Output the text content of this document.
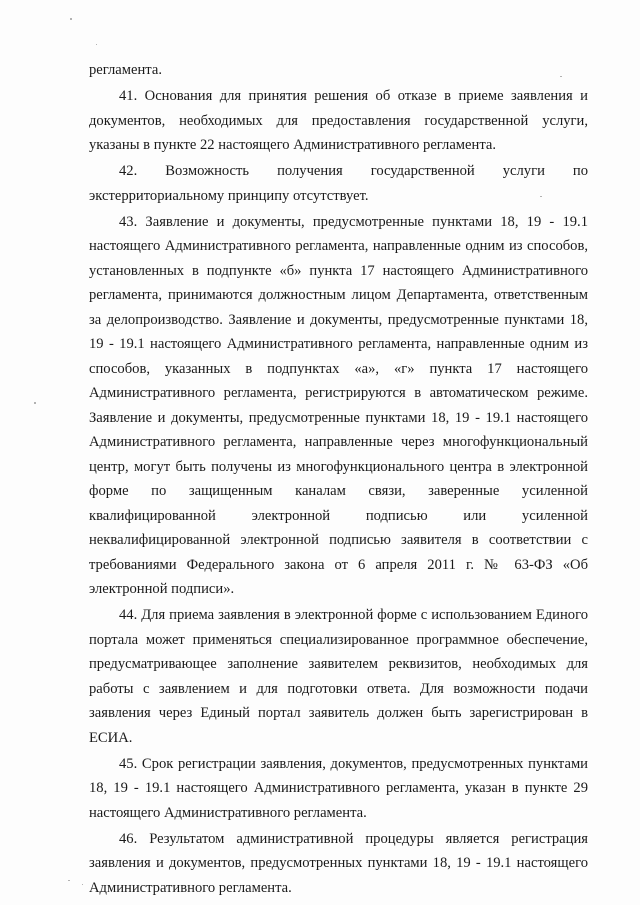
регламента.

41. Основания для принятия решения об отказе в приеме заявления и документов, необходимых для предоставления государственной услуги, указаны в пункте 22 настоящего Административного регламента.

42. Возможность получения государственной услуги по экстерриториальному принципу отсутствует.

43. Заявление и документы, предусмотренные пунктами 18, 19 - 19.1 настоящего Административного регламента, направленные одним из способов, установленных в подпункте «б» пункта 17 настоящего Административного регламента, принимаются должностным лицом Департамента, ответственным за делопроизводство. Заявление и документы, предусмотренные пунктами 18, 19 - 19.1 настоящего Административного регламента, направленные одним из способов, указанных в подпунктах «а», «г» пункта 17 настоящего Административного регламента, регистрируются в автоматическом режиме. Заявление и документы, предусмотренные пунктами 18, 19 - 19.1 настоящего Административного регламента, направленные через многофункциональный центр, могут быть получены из многофункционального центра в электронной форме по защищенным каналам связи, заверенные усиленной квалифицированной электронной подписью или усиленной неквалифицированной электронной подписью заявителя в соответствии с требованиями Федерального закона от 6 апреля 2011 г. № 63-ФЗ «Об электронной подписи».

44. Для приема заявления в электронной форме с использованием Единого портала может применяться специализированное программное обеспечение, предусматривающее заполнение заявителем реквизитов, необходимых для работы с заявлением и для подготовки ответа. Для возможности подачи заявления через Единый портал заявитель должен быть зарегистрирован в ЕСИА.

45. Срок регистрации заявления, документов, предусмотренных пунктами 18, 19 - 19.1 настоящего Административного регламента, указан в пункте 29 настоящего Административного регламента.

46. Результатом административной процедуры является регистрация заявления и документов, предусмотренных пунктами 18, 19 - 19.1 настоящего Административного регламента.
